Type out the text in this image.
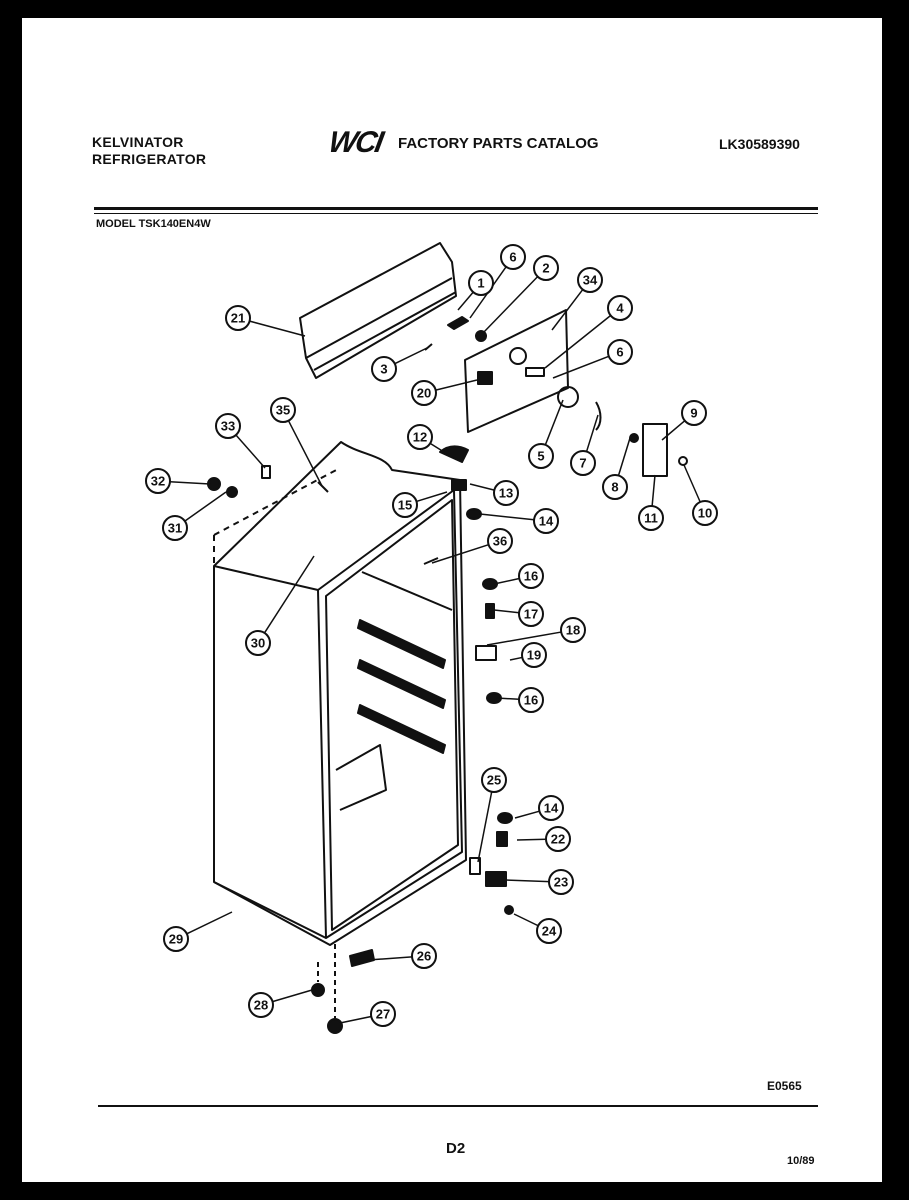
KELVINATOR
REFRIGERATOR	WCI FACTORY PARTS CATALOG	LK30589390
MODEL TSK140EN4W
1
6
2
34
4
6
21
3
20
5	7
9
8
11	10
33
35
12
13
15
14
32
31
36
16
17
18
19
16
30
25
14
22
23
24
29
26
28
27
E0565
D2
10/89
